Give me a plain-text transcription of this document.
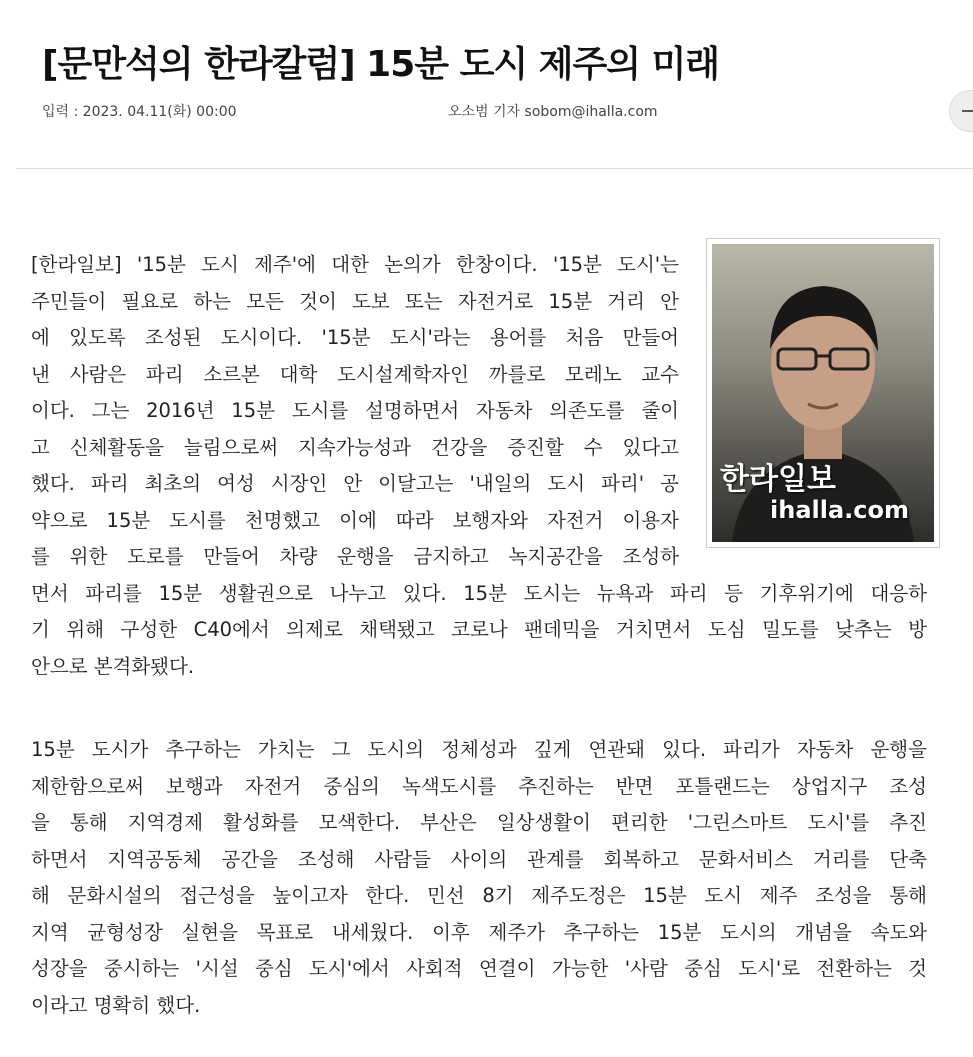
[문만석의 한라칼럼] 15분 도시 제주의 미래
입력 : 2023. 04.11(화) 00:00	오소범 기자 sobom@ihalla.com
한라일보
ihalla.com
[한라일보] '15분 도시 제주'에 대한 논의가 한창이다. '15분 도시'는
주민들이 필요로 하는 모든 것이 도보 또는 자전거로 15분 거리 안
에 있도록 조성된 도시이다. '15분 도시'라는 용어를 처음 만들어
낸 사람은 파리 소르본 대학 도시설계학자인 까를로 모레노 교수
이다. 그는 2016년 15분 도시를 설명하면서 자동차 의존도를 줄이
고 신체활동을 늘림으로써 지속가능성과 건강을 증진할 수 있다고
했다. 파리 최초의 여성 시장인 안 이달고는 '내일의 도시 파리' 공
약으로 15분 도시를 천명했고 이에 따라 보행자와 자전거 이용자
를 위한 도로를 만들어 차량 운행을 금지하고 녹지공간을 조성하
면서 파리를 15분 생활권으로 나누고 있다. 15분 도시는 뉴욕과 파리 등 기후위기에 대응하
기 위해 구성한 C40에서 의제로 채택됐고 코로나 팬데믹을 거치면서 도심 밀도를 낮추는 방
안으로 본격화됐다.
15분 도시가 추구하는 가치는 그 도시의 정체성과 깊게 연관돼 있다. 파리가 자동차 운행을
제한함으로써 보행과 자전거 중심의 녹색도시를 추진하는 반면 포틀랜드는 상업지구 조성
을 통해 지역경제 활성화를 모색한다. 부산은 일상생활이 편리한 '그린스마트 도시'를 추진
하면서 지역공동체 공간을 조성해 사람들 사이의 관계를 회복하고 문화서비스 거리를 단축
해 문화시설의 접근성을 높이고자 한다. 민선 8기 제주도정은 15분 도시 제주 조성을 통해
지역 균형성장 실현을 목표로 내세웠다. 이후 제주가 추구하는 15분 도시의 개념을 속도와
성장을 중시하는 '시설 중심 도시'에서 사회적 연결이 가능한 '사람 중심 도시'로 전환하는 것
이라고 명확히 했다.
